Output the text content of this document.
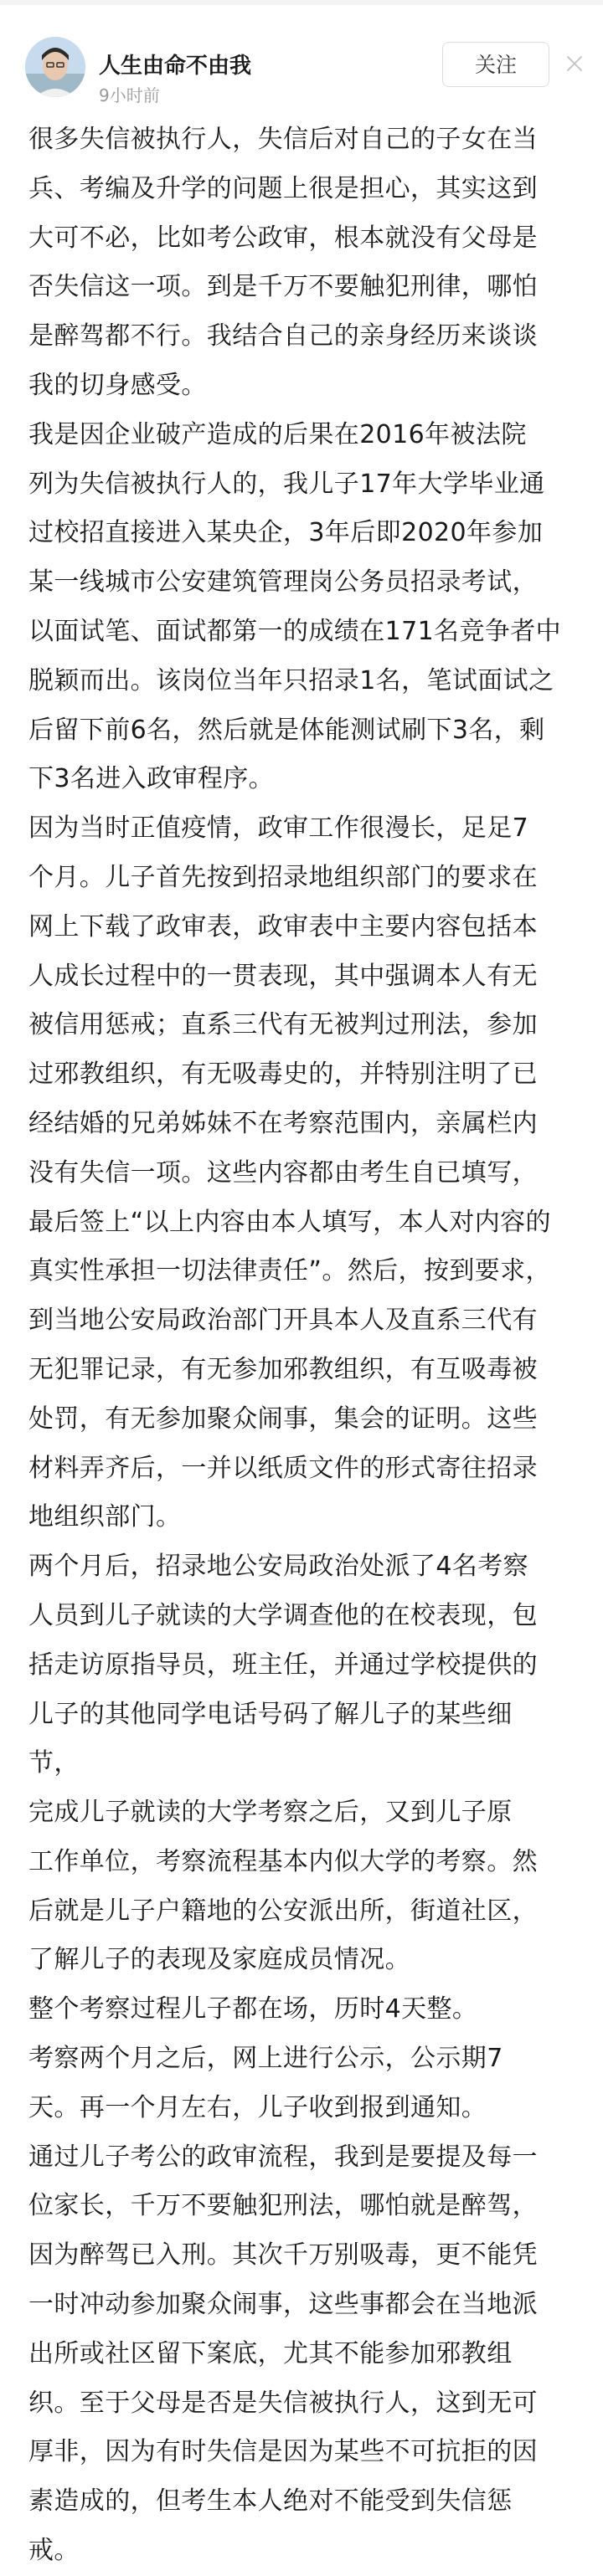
人生由命不由我
9小时前
关注
很多失信被执行人，失信后对自己的子女在当
兵、考编及升学的问题上很是担心，其实这到
大可不必，比如考公政审，根本就没有父母是
否失信这一项。到是千万不要触犯刑律，哪怕
是醉驾都不行。我结合自己的亲身经历来谈谈
我的切身感受。
我是因企业破产造成的后果在2016年被法院
列为失信被执行人的，我儿子17年大学毕业通
过校招直接进入某央企，3年后即2020年参加
某一线城市公安建筑管理岗公务员招录考试，
以面试笔、面试都第一的成绩在171名竞争者中
脱颖而出。该岗位当年只招录1名，笔试面试之
后留下前6名，然后就是体能测试刷下3名，剩
下3名进入政审程序。
因为当时正值疫情，政审工作很漫长，足足7
个月。儿子首先按到招录地组织部门的要求在
网上下载了政审表，政审表中主要内容包括本
人成长过程中的一贯表现，其中强调本人有无
被信用惩戒；直系三代有无被判过刑法，参加
过邪教组织，有无吸毒史的，并特别注明了已
经结婚的兄弟姊妹不在考察范围内，亲属栏内
没有失信一项。这些内容都由考生自已填写，
最后签上“以上内容由本人填写，本人对内容的
真实性承担一切法律责任”。然后，按到要求，
到当地公安局政治部门开具本人及直系三代有
无犯罪记录，有无参加邪教组织，有互吸毒被
处罚，有无参加聚众闹事，集会的证明。这些
材料弄齐后，一并以纸质文件的形式寄往招录
地组织部门。
两个月后，招录地公安局政治处派了4名考察
人员到儿子就读的大学调查他的在校表现，包
括走访原指导员，班主任，并通过学校提供的
儿子的其他同学电话号码了解儿子的某些细
节，
完成儿子就读的大学考察之后，又到儿子原
工作单位，考察流程基本内似大学的考察。然
后就是儿子户籍地的公安派出所，街道社区，
了解儿子的表现及家庭成员情况。
整个考察过程儿子都在场，历时4天整。
考察两个月之后，网上进行公示，公示期7
天。再一个月左右，儿子收到报到通知。
通过儿子考公的政审流程，我到是要提及每一
位家长，千万不要触犯刑法，哪怕就是醉驾，
因为醉驾已入刑。其次千万别吸毒，更不能凭
一时冲动参加聚众闹事，这些事都会在当地派
出所或社区留下案底，尤其不能参加邪教组
织。至于父母是否是失信被执行人，这到无可
厚非，因为有时失信是因为某些不可抗拒的因
素造成的，但考生本人绝对不能受到失信惩
戒。
